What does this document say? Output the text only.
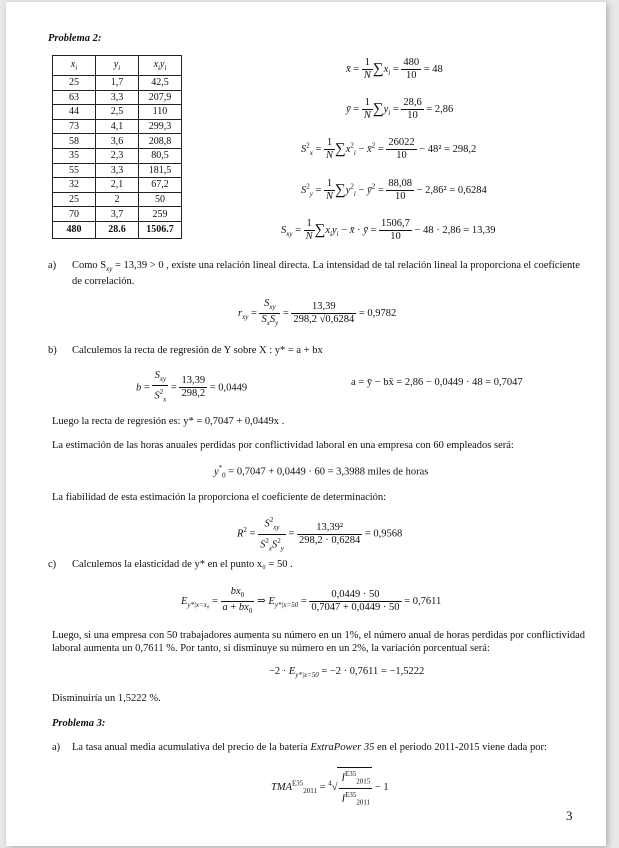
Problema 2:
$x_i$	$y_i$	$x_iy_i$
25	1,7	42,5
63	3,3	207,9
44	2,5	110
73	4,1	299,3
58	3,6	208,8
35	2,3	80,5
55	3,3	181,5
32	2,1	67,2
25	2	50
70	3,7	259
480	28.6	1506.7
x̄ = $\frac{1}{N} \sum x_i = \frac{480}{10} = 48$
ȳ = $\frac{1}{N} \sum y_i = \frac{28,6}{10} = 2,86$
$S^2_x = \frac{1}{N} \sum x^2_i$ − x̄$^2$ = $\frac{26022}{10} - 48^2 = 298,2$
$S^2_y = \frac{1}{N} \sum y^2_i$ − $ȳ^2 = \frac{88,08}{10} - 2,86^2 = 0,6284$
$S_{xy} = \frac{1}{N} \sum x_iy_i$ − x̄ · ȳ = $\frac{1506,7}{10} - 48 \cdot 2,86 = 13,39$
a) Como $S_{xy} = 13,39 > 0$ , existe una relación lineal directa. La intensidad de tal relación lineal la proporciona el coeficiente
de correlación.
$r_{xy} = \frac{S_{xy}}{S_xS_y} = \frac{13,39}{298,2 √0,6284} = 0,9782$
b) Calculemos la recta de regresión de Y sobre X : y* = a + bx
$b = \frac{S_{xy}}{S^2_x} = \frac{13,39}{298,2} = 0,0449$	a = ȳ − bx̄ = 2,86 − 0,0449 · 48 = 0,7047
Luego la recta de regresión es: y* = 0,7047 + 0,0449x .
La estimación de las horas anuales perdidas por conflictividad laboral en una empresa con 60 empleados será:
$y^*_0 = 0,7047 + 0,0449 \cdot 60 = 3,3988$ miles de horas
La fiabilidad de esta estimación la proporciona el coeficiente de determinación:
$R^2 = \frac{S^2_{xy}}{S^2_xS^2_y} = \frac{\text{13,39²}}{298,2 \cdot 0,6284} = 0,9568$
c) Calculemos la elasticidad de y* en el punto x₀ = 50 .
$E_{y*|x=x_0} = \frac{bx_0}{a + bx_0}$ ⇒ $E_{y*|x=50} = \frac{0,0449 \cdot 50}{0,7047 + 0,0449 \cdot 50} = 0,7611$
Luego, si una empresa con 50 trabajadores aumenta su número en un 1%, el número anual de horas perdidas por conflictividad
laboral aumenta un 0,7611 %. Por tanto, si disminuye su número en un 2%, la variación porcentual será:
$-2 \cdot E_{y*|x=50} = -2 \cdot 0,7611 = -1,5222$
Disminuiría un 1,5222 %.
Problema 3:
a) La tasa anual media acumulativa del precio de la batería ExtraPower 35 en el periodo 2011-2015 viene dada por:
$TMA^{E35}_{2011} = ^4√ \frac{I^{E35}_{2015}}{I^{E35}_{2011}} - 1$
3
